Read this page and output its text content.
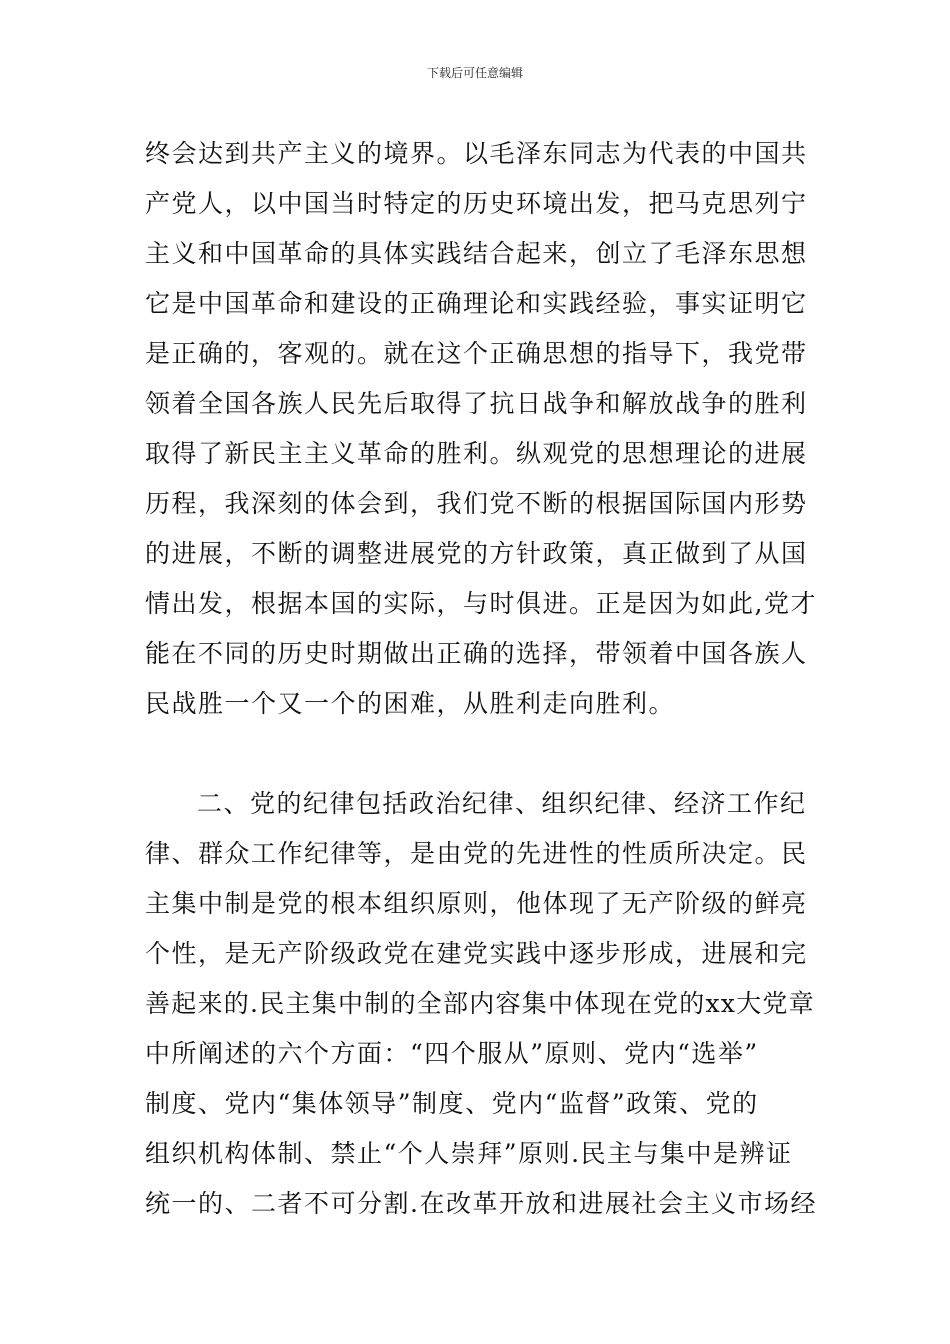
下载后可任意编辑
终会达到共产主义的境界。以毛泽东同志为代表的中国共
产党人，以中国当时特定的历史环境出发，把马克思列宁
主义和中国革命的具体实践结合起来，创立了毛泽东思想
它是中国革命和建设的正确理论和实践经验，事实证明它
是正确的，客观的。就在这个正确思想的指导下，我党带
领着全国各族人民先后取得了抗日战争和解放战争的胜利
取得了新民主主义革命的胜利。纵观党的思想理论的进展
历程，我深刻的体会到，我们党不断的根据国际国内形势
的进展，不断的调整进展党的方针政策，真正做到了从国
情出发，根据本国的实际，与时俱进。正是因为如此,党才
能在不同的历史时期做出正确的选择，带领着中国各族人
民战胜一个又一个的困难，从胜利走向胜利。
二、党的纪律包括政治纪律、组织纪律、经济工作纪
律、群众工作纪律等，是由党的先进性的性质所决定。民
主集中制是党的根本组织原则，他体现了无产阶级的鲜亮
个性，是无产阶级政党在建党实践中逐步形成，进展和完
善起来的.民主集中制的全部内容集中体现在党的xx大党章
中所阐述的六个方面：“四个服从”原则、党内“选举”
制度、党内“集体领导”制度、党内“监督”政策、党的
组织机构体制、禁止“个人崇拜”原则.民主与集中是辨证
统一的、二者不可分割.在改革开放和进展社会主义市场经
